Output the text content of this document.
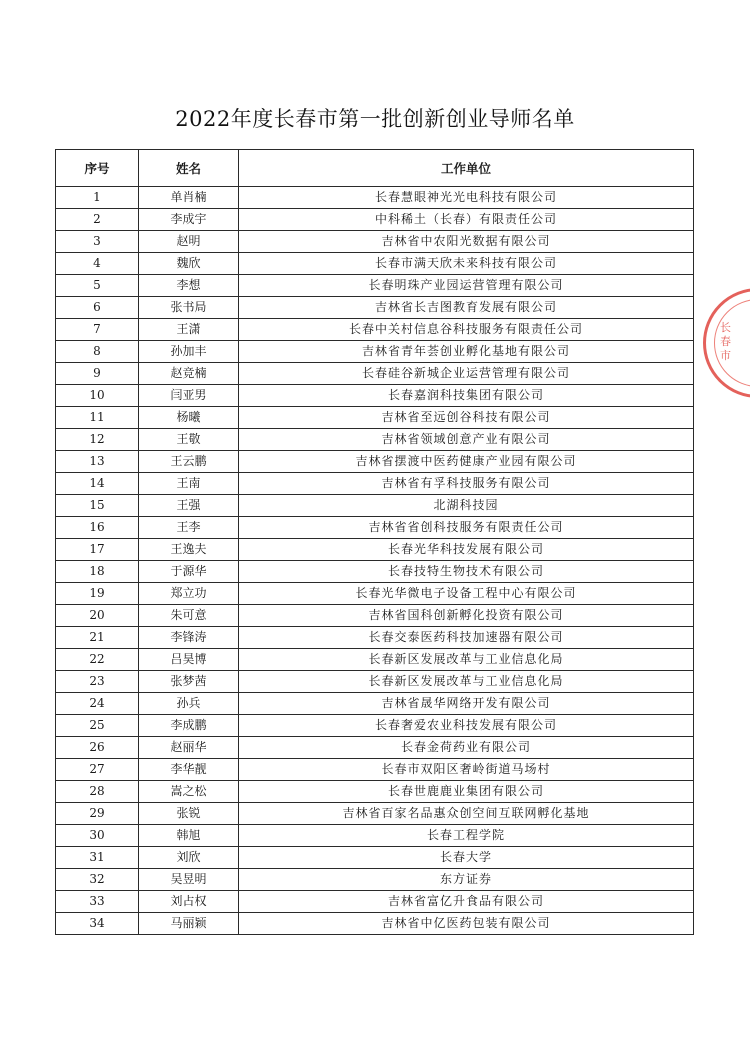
2022年度长春市第一批创新创业导师名单
序号	姓名	工作单位
1	单肖楠	长春慧眼神光光电科技有限公司
2	李成宇	中科稀土（长春）有限责任公司
3	赵明	吉林省中农阳光数据有限公司
4	魏欣	长春市满天欣未来科技有限公司
5	李想	长春明珠产业园运营管理有限公司
6	张书局	吉林省长吉图教育发展有限公司
7	王潇	长春中关村信息谷科技服务有限责任公司
8	孙加丰	吉林省青年荟创业孵化基地有限公司
9	赵竞楠	长春硅谷新城企业运营管理有限公司
10	闫亚男	长春嘉润科技集团有限公司
11	杨曦	吉林省至远创谷科技有限公司
12	王敬	吉林省领域创意产业有限公司
13	王云鹏	吉林省摆渡中医药健康产业园有限公司
14	王南	吉林省有孚科技服务有限公司
15	王强	北湖科技园
16	王李	吉林省省创科技服务有限责任公司
17	王逸夫	长春光华科技发展有限公司
18	于源华	长春技特生物技术有限公司
19	郑立功	长春光华微电子设备工程中心有限公司
20	朱可意	吉林省国科创新孵化投资有限公司
21	李锋涛	长春交泰医药科技加速器有限公司
22	吕昊博	长春新区发展改革与工业信息化局
23	张梦茜	长春新区发展改革与工业信息化局
24	孙兵	吉林省晟华网络开发有限公司
25	李成鹏	长春奢爱农业科技发展有限公司
26	赵丽华	长春金荷药业有限公司
27	李华靓	长春市双阳区奢岭街道马场村
28	嵩之松	长春世鹿鹿业集团有限公司
29	张锐	吉林省百家名品惠众创空间互联网孵化基地
30	韩旭	长春工程学院
31	刘欣	长春大学
32	吴昱明	东方证券
33	刘占权	吉林省富亿升食品有限公司
34	马丽颖	吉林省中亿医药包装有限公司
长春市
